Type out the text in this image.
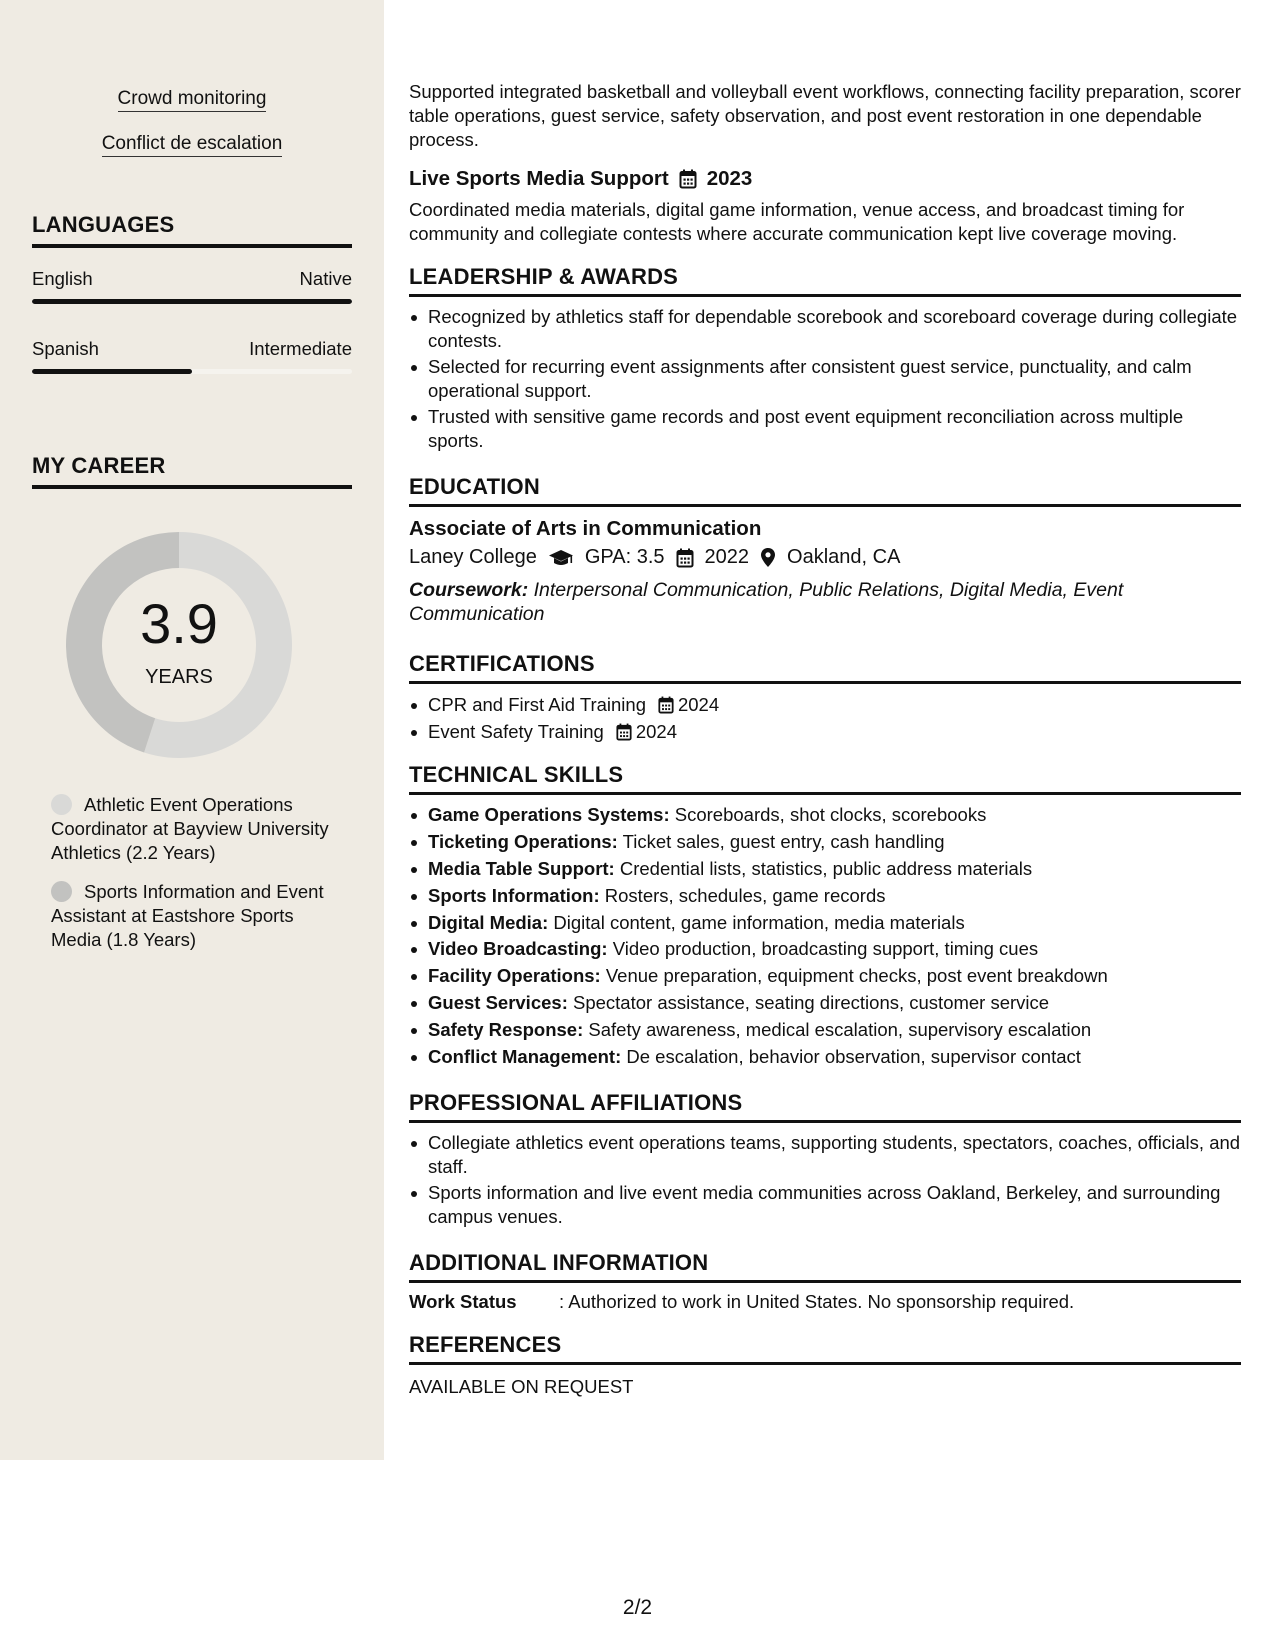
Crowd monitoring
Conflict de escalation
LANGUAGES
English	Native
Spanish	Intermediate
MY CAREER
3.9
YEARS
Athletic Event Operations Coordinator at Bayview University Athletics (2.2 Years)
Sports Information and Event Assistant at Eastshore Sports Media (1.8 Years)

Supported integrated basketball and volleyball event workflows, connecting facility preparation, scorer table operations, guest service, safety observation, and post event restoration in one dependable process.

Live Sports Media Support 2023

Coordinated media materials, digital game information, venue access, and broadcast timing for community and collegiate contests where accurate communication kept live coverage moving.

LEADERSHIP & AWARDS
Recognized by athletics staff for dependable scorebook and scoreboard coverage during collegiate contests.
Selected for recurring event assignments after consistent guest service, punctuality, and calm operational support.
Trusted with sensitive game records and post event equipment reconciliation across multiple sports.
EDUCATION
Associate of Arts in Communication
Laney College GPA: 3.5 2022 Oakland, CA

Coursework: Interpersonal Communication, Public Relations, Digital Media, Event Communication

CERTIFICATIONS
CPR and First Aid Training 2024
Event Safety Training 2024
TECHNICAL SKILLS
Game Operations Systems: Scoreboards, shot clocks, scorebooks
Ticketing Operations: Ticket sales, guest entry, cash handling
Media Table Support: Credential lists, statistics, public address materials
Sports Information: Rosters, schedules, game records
Digital Media: Digital content, game information, media materials
Video Broadcasting: Video production, broadcasting support, timing cues
Facility Operations: Venue preparation, equipment checks, post event breakdown
Guest Services: Spectator assistance, seating directions, customer service
Safety Response: Safety awareness, medical escalation, supervisory escalation
Conflict Management: De escalation, behavior observation, supervisor contact
PROFESSIONAL AFFILIATIONS
Collegiate athletics event operations teams, supporting students, spectators, coaches, officials, and staff.
Sports information and live event media communities across Oakland, Berkeley, and surrounding campus venues.
ADDITIONAL INFORMATION
Work Status	: Authorized to work in United States. No sponsorship required.
REFERENCES
AVAILABLE ON REQUEST
2/2
